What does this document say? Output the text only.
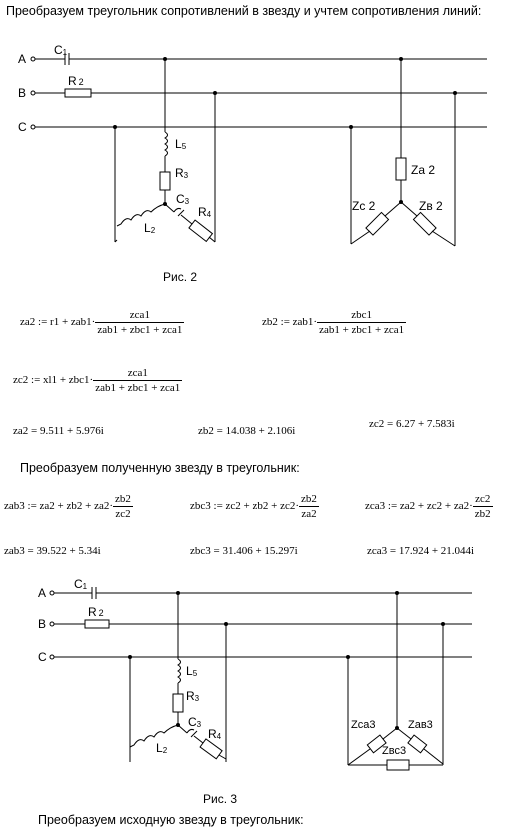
Преобразуем треугольник сопротивлений в звезду и учтем сопротивления линий:
A
B
C
C1
R 2
L5
R3
C3
R4
L2
Za 2
Zc 2	Zв 2
Рис. 2
za2 := r1 + zab1·
zca1
zab1 + zbc1 + zca1
zb2 := zab1·
zbc1
zab1 + zbc1 + zca1
zc2 := xl1 + zbc1·
zca1
zab1 + zbc1 + zca1
za2 = 9.511 + 5.976i	zb2 = 14.038 + 2.106i
zc2 = 6.27 + 7.583i
Преобразуем полученную звезду в треугольник:
zab3 := $za2 + zb2 + za2\cdot \frac{zb2}{zc2}$	zbc3 := $zc2 + zb2 + zc2\cdot \frac{zb2}{za2}$	zca3 := $za2 + zc2 + za2\cdot \frac{zc2}{zb2}$
zab3 = 39.522 + 5.34i	zbc3 = 31.406 + 15.297i	zca3 = 17.924 + 21.044i
A
B
C
C1
R 2
L5
R3
C3
R4
L2
Zca3	Zав3
Zвс3
Рис. 3
Преобразуем исходную звезду в треугольник:
